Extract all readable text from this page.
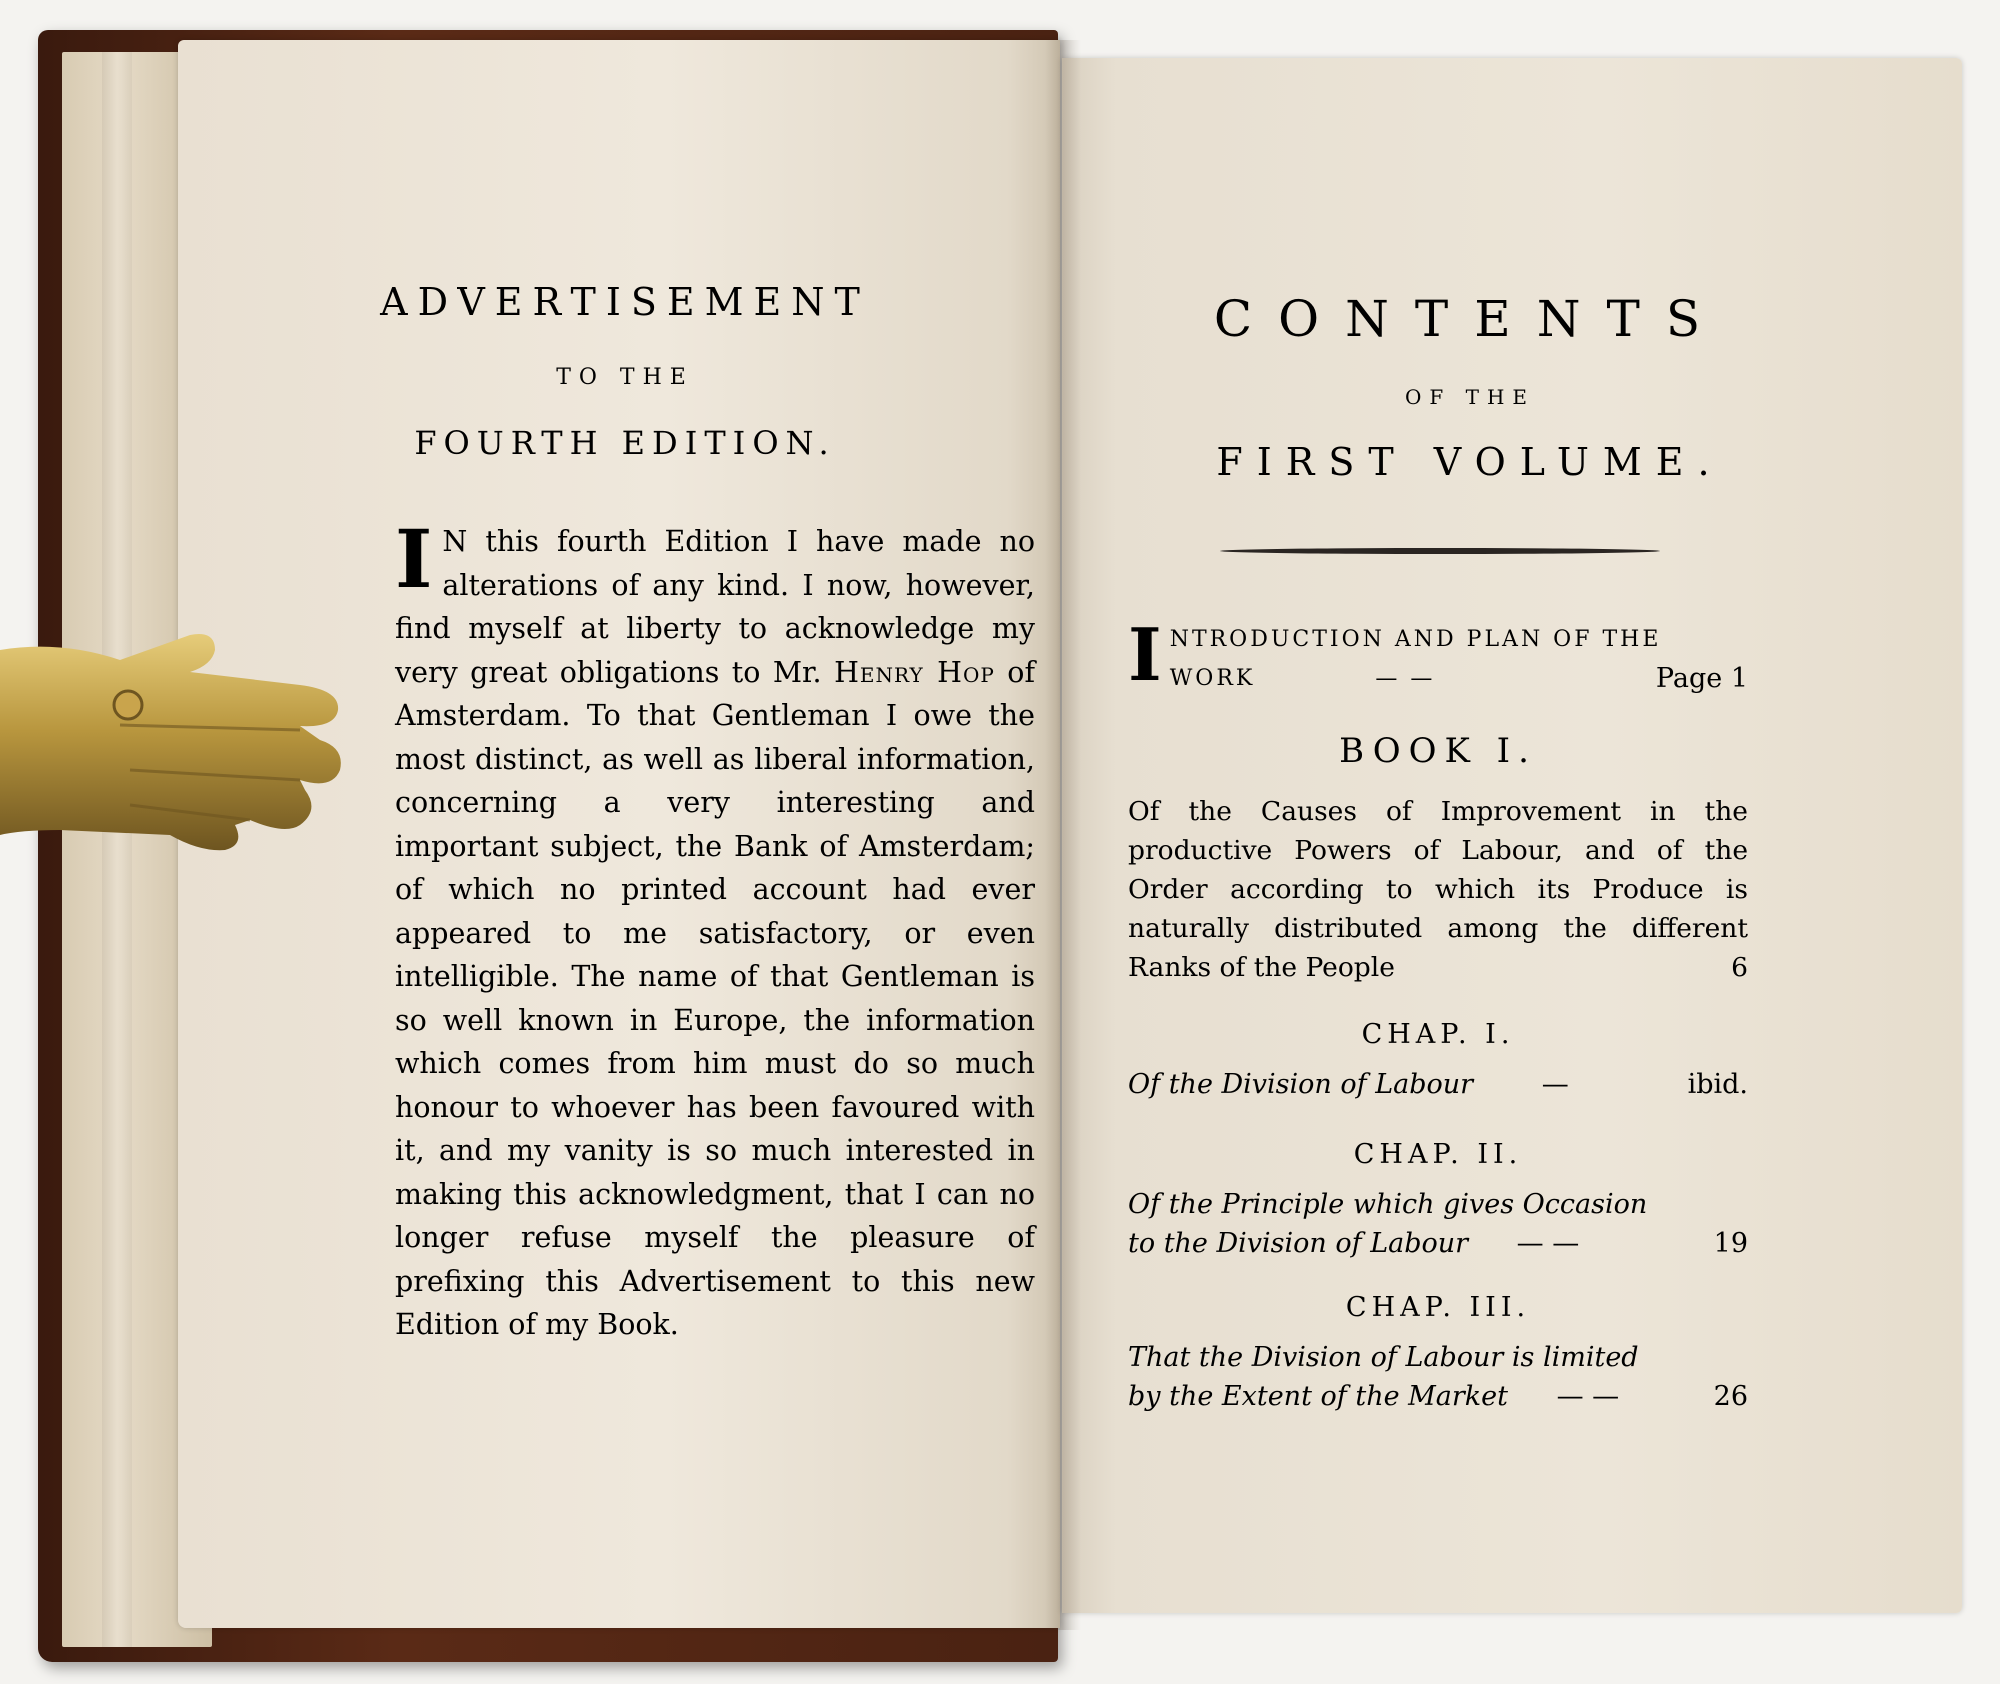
ADVERTISEMENT
TO THE
FOURTH EDITION.
I N this fourth Edition I have made no alterations of any kind. I now, however, find myself at liberty to acknowledge my very great obligations to Mr. Henry Hop of Amsterdam. To that Gentleman I owe the most distinct, as well as liberal information, concerning a very interesting and important subject, the Bank of Amsterdam; of which no printed account had ever appeared to me satisfactory, or even intelligible. The name of that Gentleman is so well known in Europe, the information which comes from him must do so much honour to whoever has been favoured with it, and my vanity is so much interested in making this acknowledgment, that I can no longer refuse myself the pleasure of prefixing this Advertisement to this new Edition of my Book.
CONTENTS
OF THE
FIRST VOLUME.
I NTRODUCTION AND PLAN OF THE
WORK	— —	Page 1
BOOK I.
Of the Causes of Improvement in the productive Powers of Labour, and of the Order according to which its Produce is naturally distributed among the different Ranks of the People	6
CHAP. I.
Of the Division of Labour	—	ibid.
CHAP. II.
Of the Principle which gives Occasion to the Division of Labour — —	19
CHAP. III.
That the Division of Labour is limited by the Extent of the Market — —	26
